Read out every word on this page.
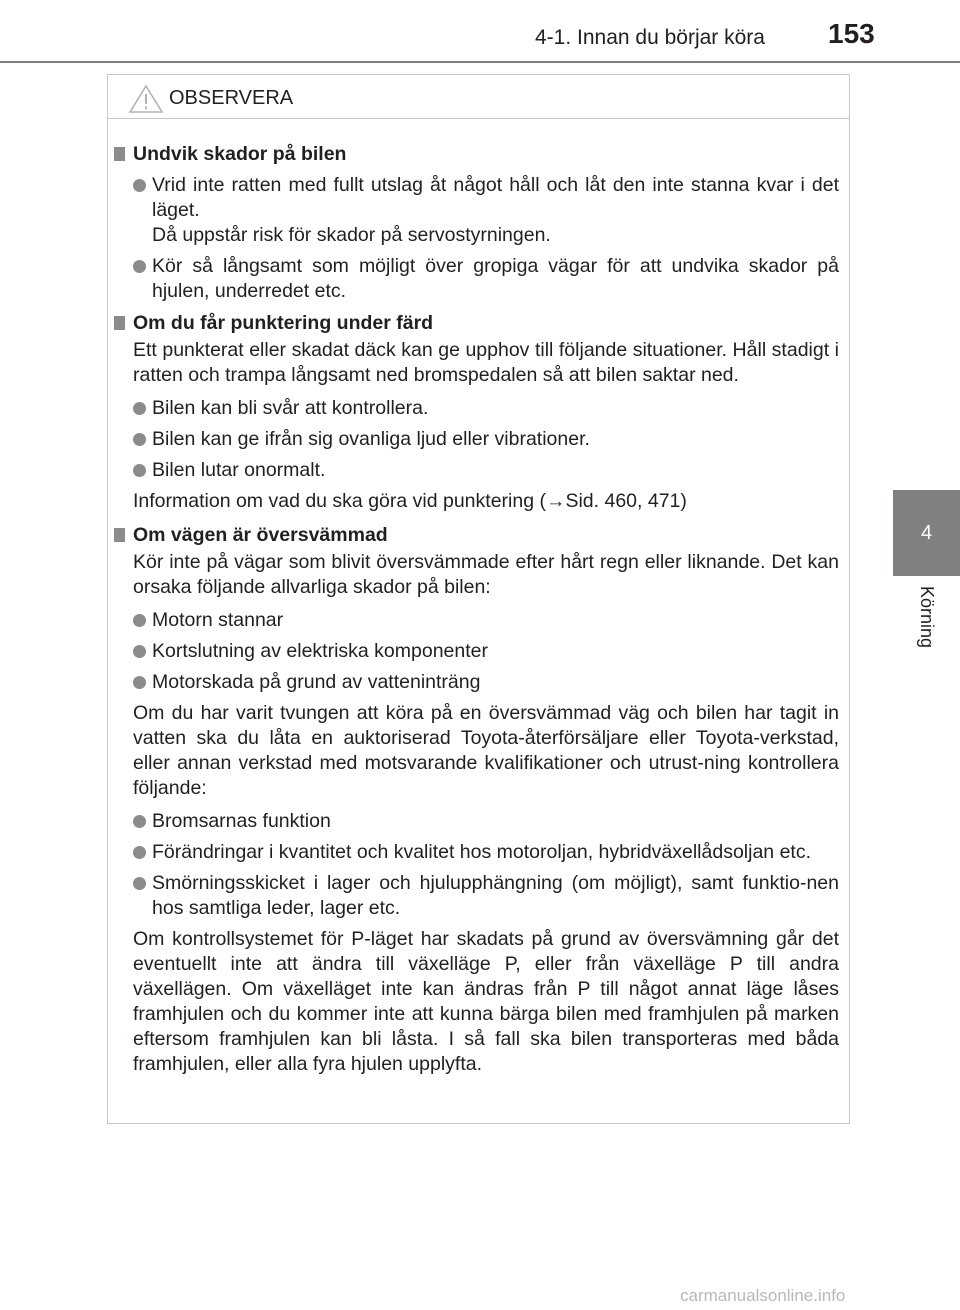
4-1. Innan du börjar köra 153
4
Körning
OBSERVERA
Undvik skador på bilen
Vrid inte ratten med fullt utslag åt något håll och låt den inte stanna kvar i det läget.
Då uppstår risk för skador på servostyrningen.
Kör så långsamt som möjligt över gropiga vägar för att undvika skador på hjulen, underredet etc.
Om du får punktering under färd
Ett punkterat eller skadat däck kan ge upphov till följande situationer. Håll stadigt i ratten och trampa långsamt ned bromspedalen så att bilen saktar ned.
Bilen kan bli svår att kontrollera.
Bilen kan ge ifrån sig ovanliga ljud eller vibrationer.
Bilen lutar onormalt.
Information om vad du ska göra vid punktering (→Sid. 460, 471)
Om vägen är översvämmad
Kör inte på vägar som blivit översvämmade efter hårt regn eller liknande. Det kan orsaka följande allvarliga skador på bilen:
Motorn stannar
Kortslutning av elektriska komponenter
Motorskada på grund av vatteninträng
Om du har varit tvungen att köra på en översvämmad väg och bilen har tagit in vatten ska du låta en auktoriserad Toyota-återförsäljare eller Toyota-verkstad, eller annan verkstad med motsvarande kvalifikationer och utrust-ning kontrollera följande:
Bromsarnas funktion
Förändringar i kvantitet och kvalitet hos motoroljan, hybridväxellådsoljan etc.
Smörningsskicket i lager och hjulupphängning (om möjligt), samt funktio-nen hos samtliga leder, lager etc.
Om kontrollsystemet för P-läget har skadats på grund av översvämning går det eventuellt inte att ändra till växelläge P, eller från växelläge P till andra växellägen. Om växelläget inte kan ändras från P till något annat läge låses framhjulen och du kommer inte att kunna bärga bilen med framhjulen på marken eftersom framhjulen kan bli låsta. I så fall ska bilen transporteras med båda framhjulen, eller alla fyra hjulen upplyfta.
carmanualsonline.info
